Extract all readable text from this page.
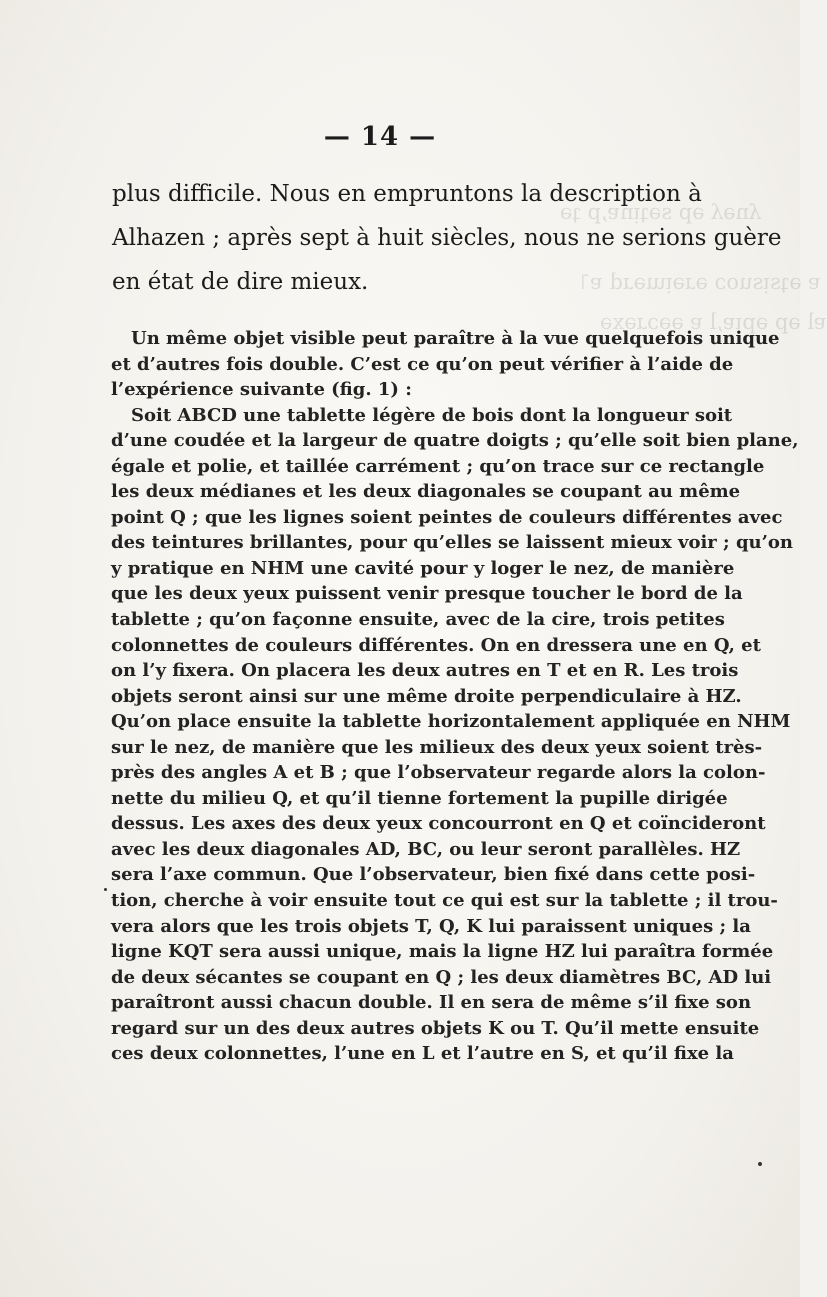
ʎnǝʎ ǝp sǝʇᴉnɐ,p ʇǝ
ɐ ǝʇsᴉsuoɔ ǝɹǝᴉɯǝɹd ɐ˥
ɐl ǝp ǝpᴉɐ,l ɐ ǝǝɔɹǝxǝ
— 14 —
plus difficile. Nous en empruntons la description à
Alhazen ; après sept à huit siècles, nous ne serions guère
en état de dire mieux.
Un même objet visible peut paraître à la vue quelquefois unique
et d’autres fois double. C’est ce qu’on peut vérifier à l’aide de
l’expérience suivante (fig. 1) :
Soit ABCD une tablette légère de bois dont la longueur soit
d’une coudée et la largeur de quatre doigts ; qu’elle soit bien plane,
égale et polie, et taillée carrément ; qu’on trace sur ce rectangle
les deux médianes et les deux diagonales se coupant au même
point Q ; que les lignes soient peintes de couleurs différentes avec
des teintures brillantes, pour qu’elles se laissent mieux voir ; qu’on
y pratique en NHM une cavité pour y loger le nez, de manière
que les deux yeux puissent venir presque toucher le bord de la
tablette ; qu’on façonne ensuite, avec de la cire, trois petites
colonnettes de couleurs différentes. On en dressera une en Q, et
on l’y fixera. On placera les deux autres en T et en R. Les trois
objets seront ainsi sur une même droite perpendiculaire à HZ.
Qu’on place ensuite la tablette horizontalement appliquée en NHM
sur le nez, de manière que les milieux des deux yeux soient très-
près des angles A et B ; que l’observateur regarde alors la colon-
nette du milieu Q, et qu’il tienne fortement la pupille dirigée
dessus. Les axes des deux yeux concourront en Q et coïncideront
avec les deux diagonales AD, BC, ou leur seront parallèles. HZ
sera l’axe commun. Que l’observateur, bien fixé dans cette posi-
tion, cherche à voir ensuite tout ce qui est sur la tablette ; il trou-
vera alors que les trois objets T, Q, K lui paraissent uniques ; la
ligne KQT sera aussi unique, mais la ligne HZ lui paraîtra formée
de deux sécantes se coupant en Q ; les deux diamètres BC, AD lui
paraîtront aussi chacun double. Il en sera de même s’il fixe son
regard sur un des deux autres objets K ou T. Qu’il mette ensuite
ces deux colonnettes, l’une en L et l’autre en S, et qu’il fixe la
